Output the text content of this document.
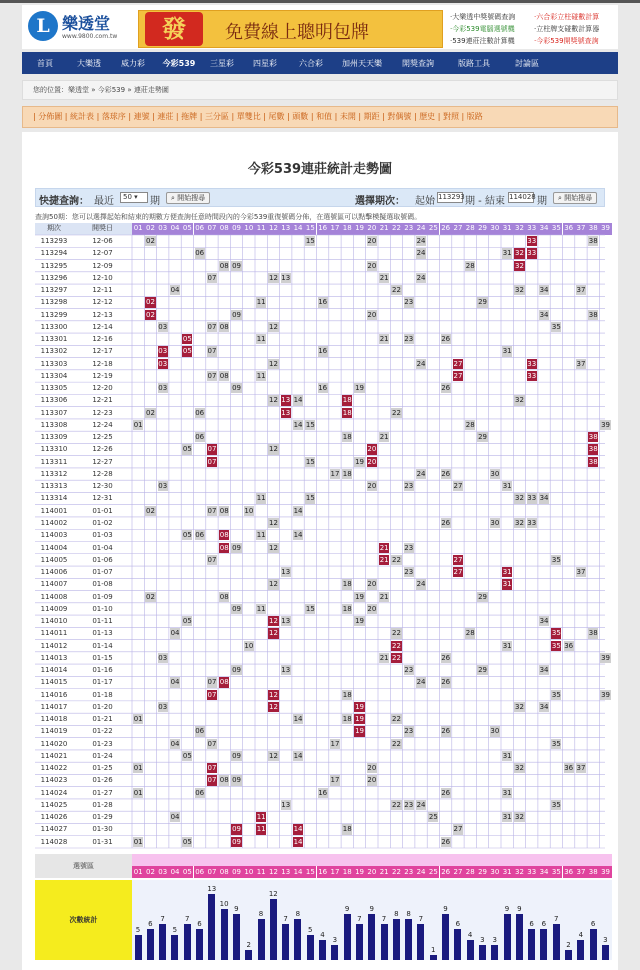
L 樂透堂
www.9800.com.tw	發	免費線上聰明包牌
‧大樂透中獎號碼查詢	‧六合彩立柱碰數計算
‧今彩539電腦選號機	‧立柱牌支碰數計算器
‧539連莊注數計算機	‧今彩539開獎號查詢
首頁	大樂透	威力彩	今彩539	三星彩	四星彩	六合彩	加州天天樂	開獎查詢	版路工具	討論區
您的位置：樂透堂 » 今彩539 » 連莊走勢圖
| 分佈圖 | 統計表 | 落球序 | 連號 | 連莊 | 拖牌 | 三分區 | 單雙比 | 尾數 | 頭數 | 和值 | 未開 | 期距 | 對偶號 | 歷史 | 對照 | 版路
今彩539連莊統計走勢圖
快捷查詢： 最近	50 ▾	期	⌕ 開始搜尋	選擇期次： 起始 113293 期 - 結束 114028 期	⌕ 開始搜尋
查詢50期：您可以選擇起始和結束的期數方便查詢任意時間段內的今彩539重復號碼分佈，在選號區可以點擊模擬選取號碼。
期次	開獎日	01 02 03 04 05 06 07 08 09 10 11 12 13 14 15 16 17 18 19 20 21 22 23 24 25 26 27 28 29 30 31 32 33 34 35 36 37 38 39
113293	12-06	02	15	20	24	33	38
113294	12-07	06	24	31 32 33
113295	12-09	08 09	20	28	32
113296	12-10	07	12 13	21	24
113297	12-11	04	22	32 34	37
113298	12-12	02	11	16	23	29
113299	12-13	02	09	20	34	38
113300	12-14	03	07 08	12	35
113301	12-16	05	11	21 23	26
113302	12-17	03 05 07	16	31
113303	12-18	03	12	24	27	33	37
113304	12-19	07 08	11	27	33
113305	12-20	03	09	16	19	26
113306	12-21	12 13 14	18	32
113307	12-23	02	06	13	18	22
113308	12-24	01	14 15	28	39
113309	12-25	06	18	21	29	38
113310	12-26	05 07	12	20	38
113311	12-27	07	15	19 20	38
113312	12-28	17 18	24 26	30
113313	12-30	03	20	23	27	31
113314	12-31	11	15	32 33 34
114001	01-01	02	07 08 10	14
114002	01-02	12	26	30 32 33
114003	01-03	05 06 08	11	14
114004	01-04	08 09	12	21 23
114005	01-06	07	21 22	27	35
114006	01-07	13	23	27	31	37
114007	01-08	12	18 20	24	31
114008	01-09	02	08	19 21	29
114009	01-10	09 11	15	18 20
114010	01-11	05	12 13	19	34
114011	01-13	04	12	22	28	35	38
114012	01-14	10	22	31	35 36
114013	01-15	03	21 22	26	39
114014	01-16	09	13	23	29	34
114015	01-17	04	07 08	24 26
114016	01-18	07	12	18	35	39
114017	01-20	03	12	19	32 34
114018	01-21	01	14	18 19	22
114019	01-22	06	19	23	26	30
114020	01-23	04	07	17	22	35
114021	01-24	05	09	12 14	31
114022	01-25	01	07	20	32	36 37
114023	01-26	07 08 09	17	20
114024	01-27	01	06	16	26	31
114025	01-28	13	22 23 24	35
114026	01-29	04	11	25	31 32
114027	01-30	09 11	14	18	27
114028	01-31	01	05	09	14	26
選號區
01 02 03 04 05 06 07 08 09 10 11 12 13 14 15 16 17 18 19 20 21 22 23 24 25 26 27 28 29 30 31 32 33 34 35 36 37 38 39
次數統計
5
6
7
5
7
6
13
10
9
2
8
12
7
8
5
4
3
9
7
9
7
8	8
7
1
9
6
4
3	3
9	9
6	6
7
2
4
6
3
